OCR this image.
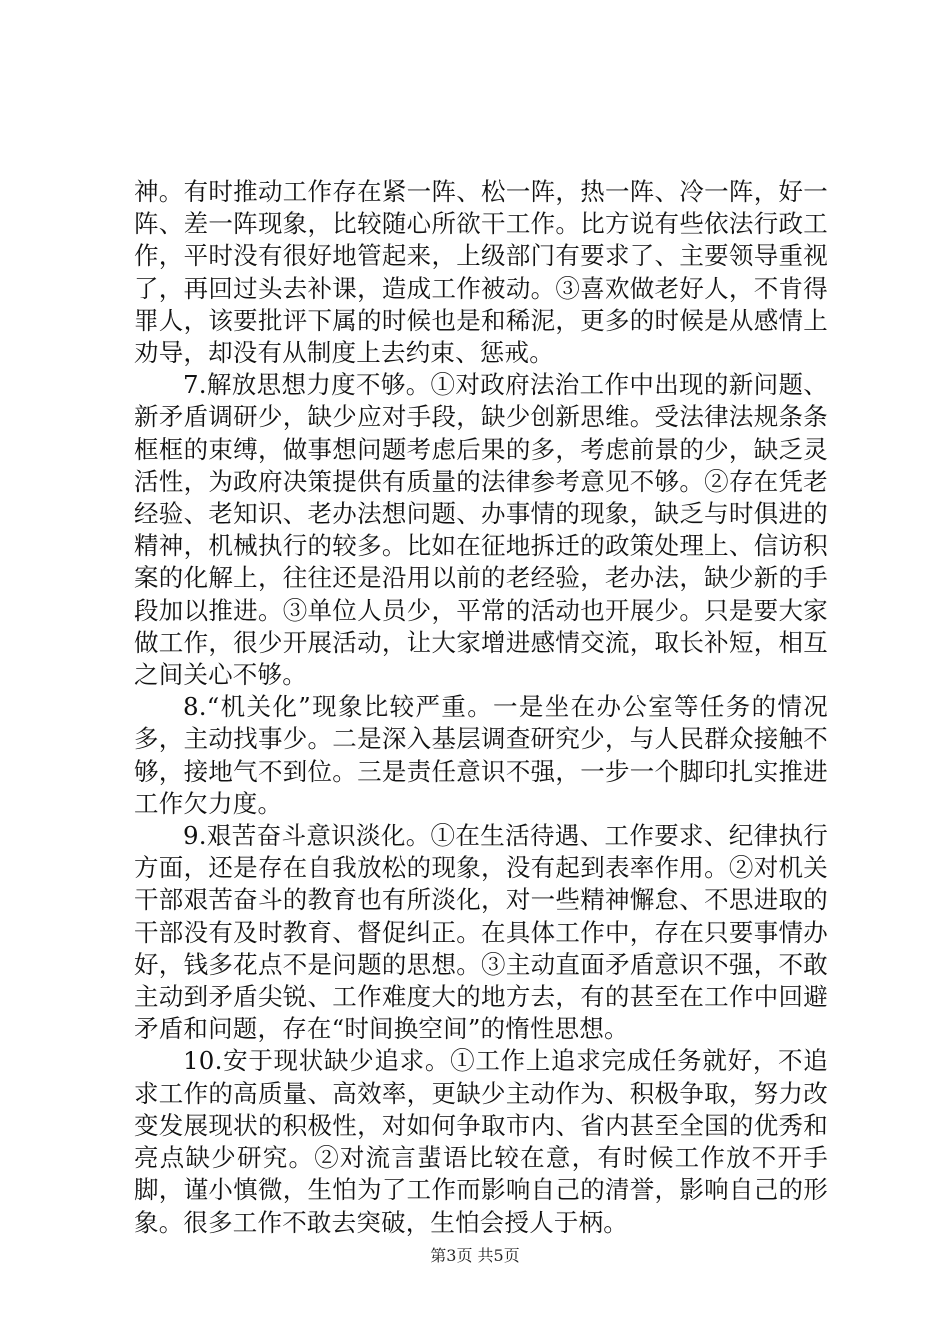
神。有时推动工作存在紧一阵、松一阵，热一阵、冷一阵，好一阵、差一阵现象，比较随心所欲干工作。比方说有些依法行政工作，平时没有很好地管起来，上级部门有要求了、主要领导重视了，再回过头去补课，造成工作被动。③喜欢做老好人，不肯得罪人，该要批评下属的时候也是和稀泥，更多的时候是从感情上劝导，却没有从制度上去约束、惩戒。

7.解放思想力度不够。①对政府法治工作中出现的新问题、新矛盾调研少，缺少应对手段，缺少创新思维。受法律法规条条框框的束缚，做事想问题考虑后果的多，考虑前景的少，缺乏灵活性，为政府决策提供有质量的法律参考意见不够。②存在凭老经验、老知识、老办法想问题、办事情的现象，缺乏与时俱进的精神，机械执行的较多。比如在征地拆迁的政策处理上、信访积案的化解上，往往还是沿用以前的老经验，老办法，缺少新的手段加以推进。③单位人员少，平常的活动也开展少。只是要大家做工作，很少开展活动，让大家增进感情交流，取长补短，相互之间关心不够。

8.“机关化”现象比较严重。一是坐在办公室等任务的情况多，主动找事少。二是深入基层调查研究少，与人民群众接触不够，接地气不到位。三是责任意识不强，一步一个脚印扎实推进工作欠力度。

9.艰苦奋斗意识淡化。①在生活待遇、工作要求、纪律执行方面，还是存在自我放松的现象，没有起到表率作用。②对机关干部艰苦奋斗的教育也有所淡化，对一些精神懈怠、不思进取的干部没有及时教育、督促纠正。在具体工作中，存在只要事情办好，钱多花点不是问题的思想。③主动直面矛盾意识不强，不敢主动到矛盾尖锐、工作难度大的地方去，有的甚至在工作中回避矛盾和问题，存在“时间换空间”的惰性思想。

10.安于现状缺少追求。①工作上追求完成任务就好，不追求工作的高质量、高效率，更缺少主动作为、积极争取，努力改变发展现状的积极性，对如何争取市内、省内甚至全国的优秀和亮点缺少研究。②对流言蜚语比较在意，有时候工作放不开手脚，谨小慎微，生怕为了工作而影响自己的清誉，影响自己的形象。很多工作不敢去突破，生怕会授人于柄。

第3页 共5页
